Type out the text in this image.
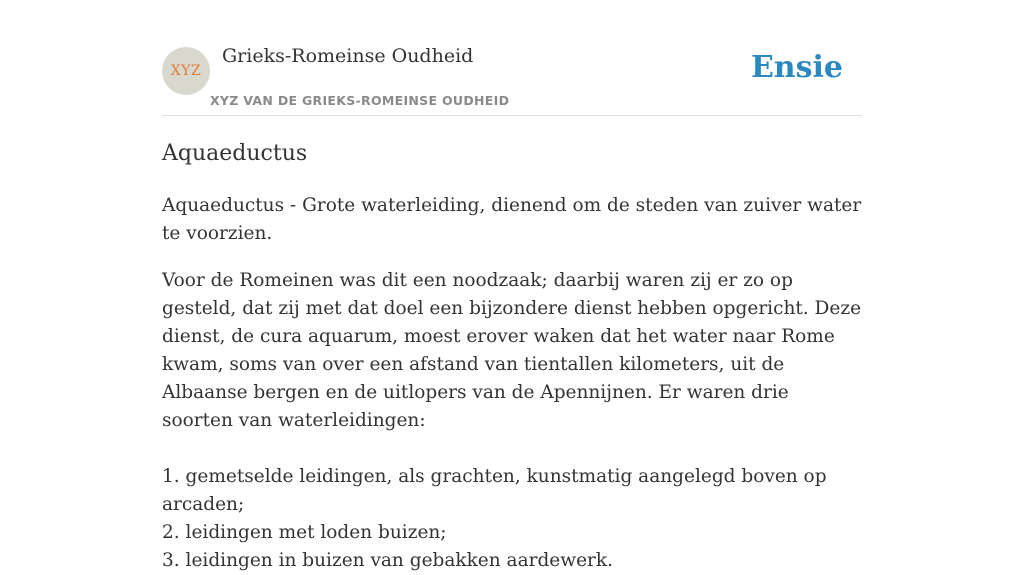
XYZ
Grieks-Romeinse Oudheid
XYZ VAN DE GRIEKS-ROMEINSE OUDHEID
Ensie
Aquaeductus

Aquaeductus - Grote waterleiding, dienend om de steden van zuiver water te voorzien.

Voor de Romeinen was dit een noodzaak; daarbij waren zij er zo op gesteld, dat zij met dat doel een bijzondere dienst hebben opgericht. Deze dienst, de cura aquarum, moest erover waken dat het water naar Rome kwam, soms van over een afstand van tientallen kilometers, uit de Albaanse bergen en de uitlopers van de Apennijnen. Er waren drie soorten van waterleidingen:

1. gemetselde leidingen, als grachten, kunstmatig aangelegd boven op arcaden;
2. leidingen met loden buizen;
3. leidingen in buizen van gebakken aardewerk.
